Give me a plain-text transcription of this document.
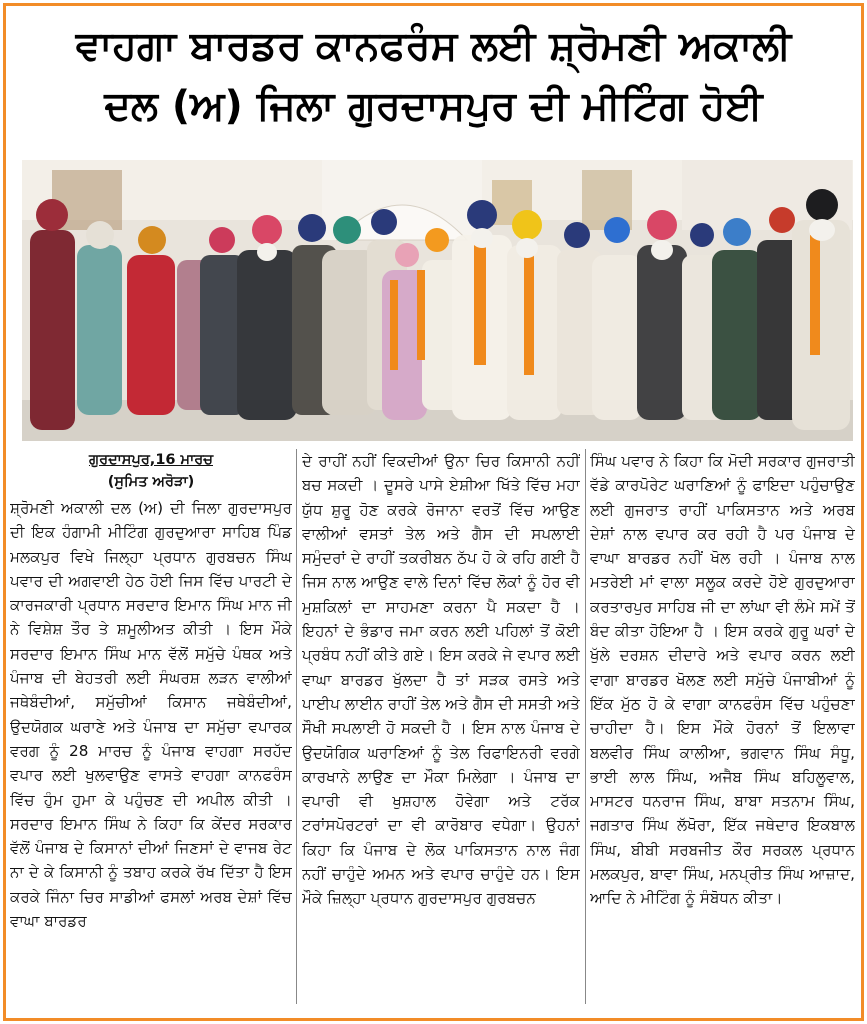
ਵਾਹਗਾ ਬਾਰਡਰ ਕਾਨਫਰੰਸ ਲਈ ਸ਼੍ਰੋਮਣੀ ਅਕਾਲੀ
ਦਲ (ਅ) ਜਿਲਾ ਗੁਰਦਾਸਪੁਰ ਦੀ ਮੀਟਿੰਗ ਹੋਈ
ਗੁਰਦਾਸਪੁਰ,16 ਮਾਰਚ
(ਸੁਮਿਤ ਅਰੋੜਾ)

ਸ਼੍ਰੋਮਣੀ ਅਕਾਲੀ ਦਲ (ਅ) ਦੀ ਜਿਲਾ ਗੁਰਦਾਸਪੁਰ ਦੀ ਇਕ ਹੰਗਾਮੀ ਮੀਟਿੰਗ ਗੁਰਦੁਆਰਾ ਸਾਹਿਬ ਪਿੰਡ ਮਲਕਪੁਰ ਵਿਖੇ ਜਿਲ੍ਹਾ ਪ੍ਰਧਾਨ ਗੁਰਬਚਨ ਸਿੰਘ ਪਵਾਰ ਦੀ ਅਗਵਾਈ ਹੇਠ ਹੋਈ ਜਿਸ ਵਿੱਚ ਪਾਰਟੀ ਦੇ ਕਾਰਜਕਾਰੀ ਪ੍ਰਧਾਨ ਸਰਦਾਰ ਇਮਾਨ ਸਿੰਘ ਮਾਨ ਜੀ ਨੇ ਵਿਸ਼ੇਸ਼ ਤੌਰ ਤੇ ਸ਼ਮੂਲੀਅਤ ਕੀਤੀ । ਇਸ ਮੌਕੇ ਸਰਦਾਰ ਇਮਾਨ ਸਿੰਘ ਮਾਨ ਵੱਲੋਂ ਸਮੁੱਚੇ ਪੰਥਕ ਅਤੇ ਪੰਜਾਬ ਦੀ ਬੇਹਤਰੀ ਲਈ ਸੰਘਰਸ਼ ਲੜਨ ਵਾਲੀਆਂ ਜਥੇਬੰਦੀਆਂ, ਸਮੁੱਚੀਆਂ ਕਿਸਾਨ ਜਥੇਬੰਦੀਆਂ, ਉਦਯੋਗਕ ਘਰਾਣੇ ਅਤੇ ਪੰਜਾਬ ਦਾ ਸਮੁੱਚਾ ਵਪਾਰਕ ਵਰਗ ਨੂੰ 28 ਮਾਰਚ ਨੂੰ ਪੰਜਾਬ ਵਾਹਗਾ ਸਰਹੱਦ ਵਪਾਰ ਲਈ ਖੁਲਵਾਉਣ ਵਾਸਤੇ ਵਾਹਗਾ ਕਾਨਫਰੰਸ ਵਿੱਚ ਹੁੰਮ ਹੁਮਾ ਕੇ ਪਹੁੰਚਣ ਦੀ ਅਪੀਲ ਕੀਤੀ । ਸਰਦਾਰ ਇਮਾਨ ਸਿੰਘ ਨੇ ਕਿਹਾ ਕਿ ਕੇਂਦਰ ਸਰਕਾਰ ਵੱਲੋਂ ਪੰਜਾਬ ਦੇ ਕਿਸਾਨਾਂ ਦੀਆਂ ਜਿਣਸਾਂ ਦੇ ਵਾਜਬ ਰੇਟ ਨਾ ਦੇ ਕੇ ਕਿਸਾਨੀ ਨੂੰ ਤਬਾਹ ਕਰਕੇ ਰੱਖ ਦਿੱਤਾ ਹੈ ਇਸ ਕਰਕੇ ਜਿੰਨਾ ਚਿਰ ਸਾਡੀਆਂ ਫਸਲਾਂ ਅਰਬ ਦੇਸ਼ਾਂ ਵਿੱਚ ਵਾਘਾ ਬਾਰਡਰ

ਦੇ ਰਾਹੀਂ ਨਹੀਂ ਵਿਕਦੀਆਂ ਉਨਾ ਚਿਰ ਕਿਸਾਨੀ ਨਹੀਂ ਬਚ ਸਕਦੀ । ਦੂਸਰੇ ਪਾਸੇ ਏਸ਼ੀਆ ਖਿੱਤੇ ਵਿੱਚ ਮਹਾ ਯੁੱਧ ਸ਼ੁਰੂ ਹੋਣ ਕਰਕੇ ਰੋਜਾਨਾ ਵਰਤੋਂ ਵਿੱਚ ਆਉਣ ਵਾਲੀਆਂ ਵਸਤਾਂ ਤੇਲ ਅਤੇ ਗੈਸ ਦੀ ਸਪਲਾਈ ਸਮੁੰਦਰਾਂ ਦੇ ਰਾਹੀਂ ਤਕਰੀਬਨ ਠੱਪ ਹੋ ਕੇ ਰਹਿ ਗਈ ਹੈ ਜਿਸ ਨਾਲ ਆਉਣ ਵਾਲੇ ਦਿਨਾਂ ਵਿੱਚ ਲੋਕਾਂ ਨੂੰ ਹੋਰ ਵੀ ਮੁਸ਼ਕਿਲਾਂ ਦਾ ਸਾਹਮਣਾ ਕਰਨਾ ਪੈ ਸਕਦਾ ਹੈ । ਇਹਨਾਂ ਦੇ ਭੰਡਾਰ ਜਮਾ ਕਰਨ ਲਈ ਪਹਿਲਾਂ ਤੋਂ ਕੋਈ ਪ੍ਰਬੰਧ ਨਹੀਂ ਕੀਤੇ ਗਏ। ਇਸ ਕਰਕੇ ਜੇ ਵਪਾਰ ਲਈ ਵਾਘਾ ਬਾਰਡਰ ਖੁੱਲਦਾ ਹੈ ਤਾਂ ਸੜਕ ਰਸਤੇ ਅਤੇ ਪਾਈਪ ਲਾਈਨ ਰਾਹੀਂ ਤੇਲ ਅਤੇ ਗੈਸ ਦੀ ਸਸਤੀ ਅਤੇ ਸੌਖੀ ਸਪਲਾਈ ਹੋ ਸਕਦੀ ਹੈ । ਇਸ ਨਾਲ ਪੰਜਾਬ ਦੇ ਉਦਯੋਗਿਕ ਘਰਾਣਿਆਂ ਨੂੰ ਤੇਲ ਰਿਫਾਇਨਰੀ ਵਰਗੇ ਕਾਰਖਾਨੇ ਲਾਉਣ ਦਾ ਮੌਕਾ ਮਿਲੇਗਾ । ਪੰਜਾਬ ਦਾ ਵਪਾਰੀ ਵੀ ਖੁਸ਼ਹਾਲ ਹੋਵੇਗਾ ਅਤੇ ਟਰੱਕ ਟਰਾਂਸਪੋਰਟਰਾਂ ਦਾ ਵੀ ਕਾਰੋਬਾਰ ਵਧੇਗਾ। ਉਹਨਾਂ ਕਿਹਾ ਕਿ ਪੰਜਾਬ ਦੇ ਲੋਕ ਪਾਕਿਸਤਾਨ ਨਾਲ ਜੰਗ ਨਹੀਂ ਚਾਹੁੰਦੇ ਅਮਨ ਅਤੇ ਵਪਾਰ ਚਾਹੁੰਦੇ ਹਨ। ਇਸ ਮੌਕੇ ਜ਼ਿਲ੍ਹਾ ਪ੍ਰਧਾਨ ਗੁਰਦਾਸਪੁਰ ਗੁਰਬਚਨ

ਸਿੰਘ ਪਵਾਰ ਨੇ ਕਿਹਾ ਕਿ ਮੋਦੀ ਸਰਕਾਰ ਗੁਜਰਾਤੀ ਵੱਡੇ ਕਾਰਪੋਰੇਟ ਘਰਾਣਿਆਂ ਨੂੰ ਫਾਇਦਾ ਪਹੁੰਚਾਉਣ ਲਈ ਗੁਜਰਾਤ ਰਾਹੀਂ ਪਾਕਿਸਤਾਨ ਅਤੇ ਅਰਬ ਦੇਸ਼ਾਂ ਨਾਲ ਵਪਾਰ ਕਰ ਰਹੀ ਹੈ ਪਰ ਪੰਜਾਬ ਦੇ ਵਾਘਾ ਬਾਰਡਰ ਨਹੀਂ ਖੋਲ ਰਹੀ । ਪੰਜਾਬ ਨਾਲ ਮਤਰੇਈ ਮਾਂ ਵਾਲਾ ਸਲੂਕ ਕਰਦੇ ਹੋਏ ਗੁਰਦੁਆਰਾ ਕਰਤਾਰਪੁਰ ਸਾਹਿਬ ਜੀ ਦਾ ਲਾਂਘਾ ਵੀ ਲੰਮੇ ਸਮੇਂ ਤੋਂ ਬੰਦ ਕੀਤਾ ਹੋਇਆ ਹੈ । ਇਸ ਕਰਕੇ ਗੁਰੂ ਘਰਾਂ ਦੇ ਖੁੱਲੇ ਦਰਸ਼ਨ ਦੀਦਾਰੇ ਅਤੇ ਵਪਾਰ ਕਰਨ ਲਈ ਵਾਗਾ ਬਾਰਡਰ ਖੋਲਣ ਲਈ ਸਮੁੱਚੇ ਪੰਜਾਬੀਆਂ ਨੂੰ ਇੱਕ ਮੁੱਠ ਹੋ ਕੇ ਵਾਗਾ ਕਾਨਫਰੰਸ ਵਿੱਚ ਪਹੁੰਚਣਾ ਚਾਹੀਦਾ ਹੈ। ਇਸ ਮੌਕੇ ਹੋਰਨਾਂ ਤੋਂ ਇਲਾਵਾ ਬਲਵੀਰ ਸਿੰਘ ਕਾਲੀਆ, ਭਗਵਾਨ ਸਿੰਘ ਸੰਧੂ, ਭਾਈ ਲਾਲ ਸਿੰਘ, ਅਜੈਬ ਸਿੰਘ ਬਹਿਲੂਵਾਲ, ਮਾਸਟਰ ਧਨਰਾਜ ਸਿੰਘ, ਬਾਬਾ ਸਤਨਾਮ ਸਿੰਘ, ਜਗਤਾਰ ਸਿੰਘ ਲੱਖੋਰਾ, ਇੱਕ ਜਥੇਦਾਰ ਇਕਬਾਲ ਸਿੰਘ, ਬੀਬੀ ਸਰਬਜੀਤ ਕੌਰ ਸਰਕਲ ਪ੍ਰਧਾਨ ਮਲਕਪੁਰ, ਬਾਵਾ ਸਿੰਘ, ਮਨਪ੍ਰੀਤ ਸਿੰਘ ਆਜ਼ਾਦ, ਆਦਿ ਨੇ ਮੀਟਿੰਗ ਨੂੰ ਸੰਬੋਧਨ ਕੀਤਾ।
